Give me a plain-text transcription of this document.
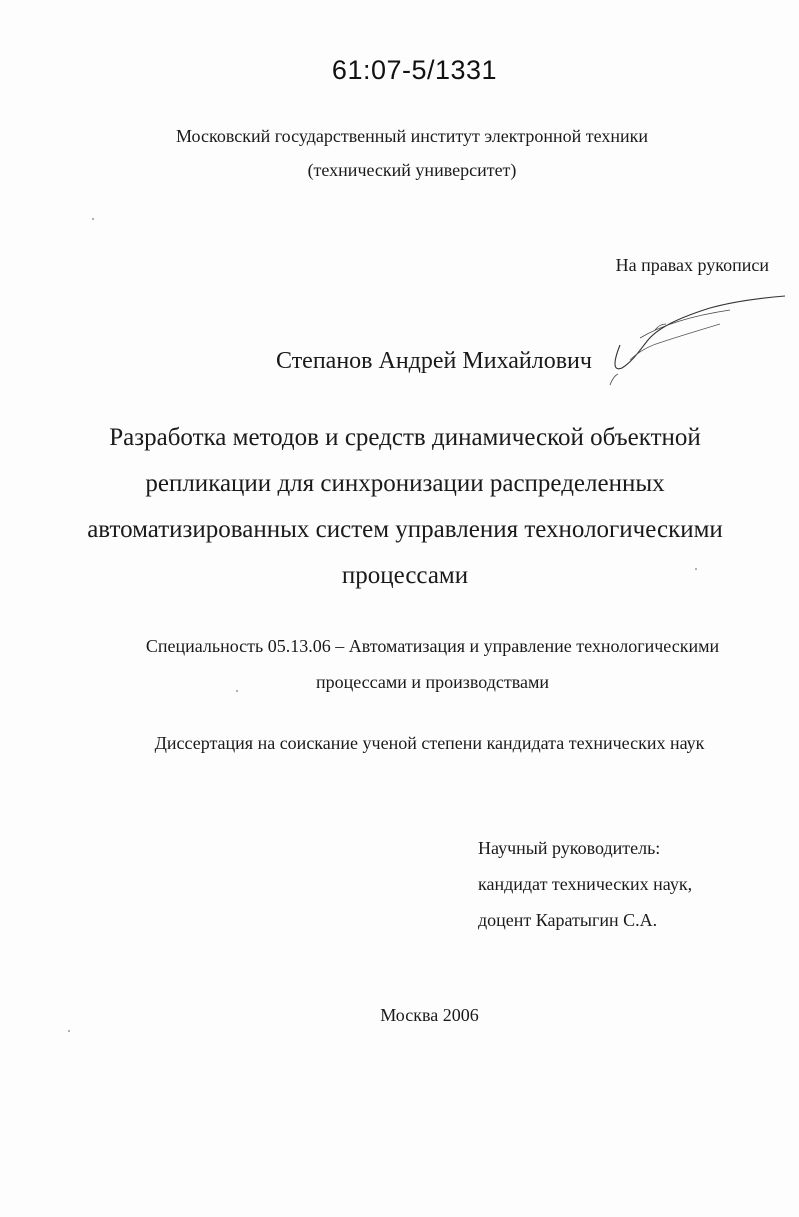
61:07-5/1331
Московский государственный институт электронной техники
(технический университет)
На правах рукописи
Степанов Андрей Михайлович
Разработка методов и средств динамической объектной
репликации для синхронизации распределенных
автоматизированных систем управления технологическими
процессами
Специальность 05.13.06 – Автоматизация и управление технологическими
процессами и производствами
Диссертация на соискание ученой степени кандидата технических наук
Научный руководитель:
кандидат технических наук,
доцент Каратыгин С.А.
Москва 2006
